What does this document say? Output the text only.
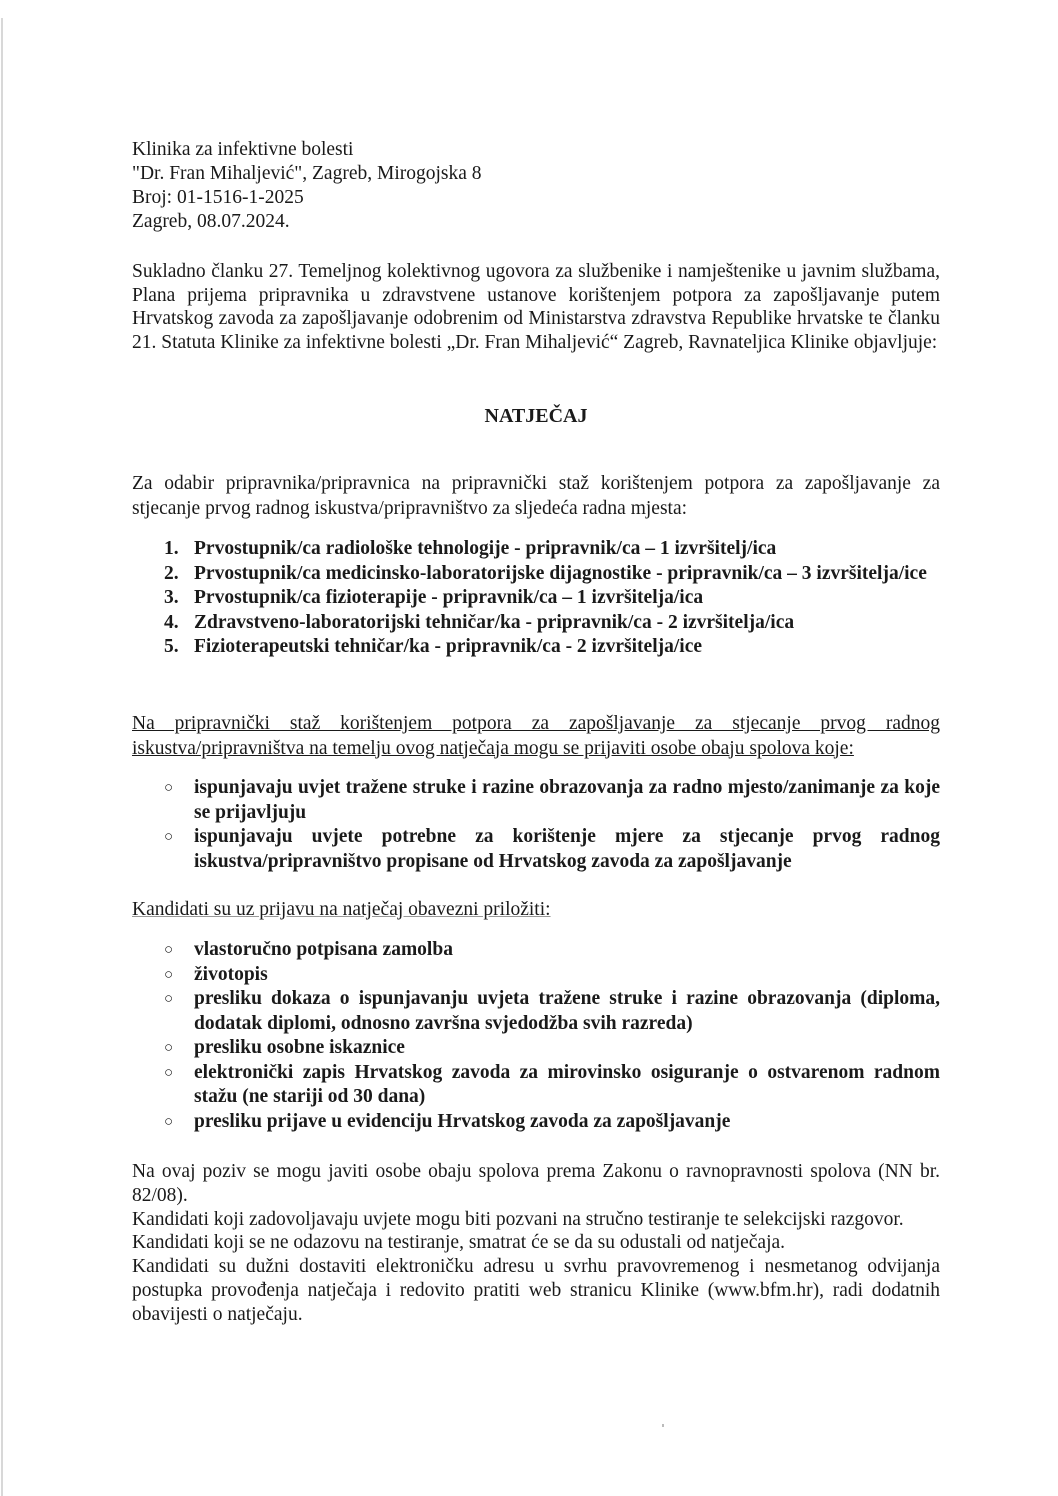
Klinika za infektivne bolesti
"Dr. Fran Mihaljević", Zagreb, Mirogojska 8
Broj: 01-1516-1-2025
Zagreb, 08.07.2024.
Sukladno članku 27. Temeljnog kolektivnog ugovora za službenike i namještenike u javnim službama, Plana prijema pripravnika u zdravstvene ustanove korištenjem potpora za zapošljavanje putem Hrvatskog zavoda za zapošljavanje odobrenim od Ministarstva zdravstva Republike hrvatske te članku 21. Statuta Klinike za infektivne bolesti „Dr. Fran Mihaljević“ Zagreb, Ravnateljica Klinike objavljuje:
NATJEČAJ
Za odabir pripravnika/pripravnica na pripravnički staž korištenjem potpora za zapošljavanje za stjecanje prvog radnog iskustva/pripravništvo za sljedeća radna mjesta:
1. Prvostupnik/ca radiološke tehnologije - pripravnik/ca – 1 izvršitelj/ica
2. Prvostupnik/ca medicinsko-laboratorijske dijagnostike - pripravnik/ca – 3 izvršitelja/ice
3. Prvostupnik/ca fizioterapije - pripravnik/ca – 1 izvršitelja/ica
4. Zdravstveno-laboratorijski tehničar/ka - pripravnik/ca - 2 izvršitelja/ica
5. Fizioterapeutski tehničar/ka - pripravnik/ca - 2 izvršitelja/ice
Na pripravnički staž korištenjem potpora za zapošljavanje za stjecanje prvog radnog iskustva/pripravništva na temelju ovog natječaja mogu se prijaviti osobe obaju spolova koje:
○ ispunjavaju uvjet tražene struke i razine obrazovanja za radno mjesto/zanimanje za koje se prijavljuju
○ ispunjavaju uvjete potrebne za korištenje mjere za stjecanje prvog radnog iskustva/pripravništvo propisane od Hrvatskog zavoda za zapošljavanje
Kandidati su uz prijavu na natječaj obavezni priložiti:
○ vlastoručno potpisana zamolba
○ životopis
○ presliku dokaza o ispunjavanju uvjeta tražene struke i razine obrazovanja (diploma, dodatak diplomi, odnosno završna svjedodžba svih razreda)
○ presliku osobne iskaznice
○ elektronički zapis Hrvatskog zavoda za mirovinsko osiguranje o ostvarenom radnom stažu (ne stariji od 30 dana)
○ presliku prijave u evidenciju Hrvatskog zavoda za zapošljavanje

Na ovaj poziv se mogu javiti osobe obaju spolova prema Zakonu o ravnopravnosti spolova (NN br. 82/08).

Kandidati koji zadovoljavaju uvjete mogu biti pozvani na stručno testiranje te selekcijski razgovor.

Kandidati koji se ne odazovu na testiranje, smatrat će se da su odustali od natječaja.

Kandidati su dužni dostaviti elektroničku adresu u svrhu pravovremenog i nesmetanog odvijanja postupka provođenja natječaja i redovito pratiti web stranicu Klinike (www.bfm.hr), radi dodatnih obavijesti o natječaju.
